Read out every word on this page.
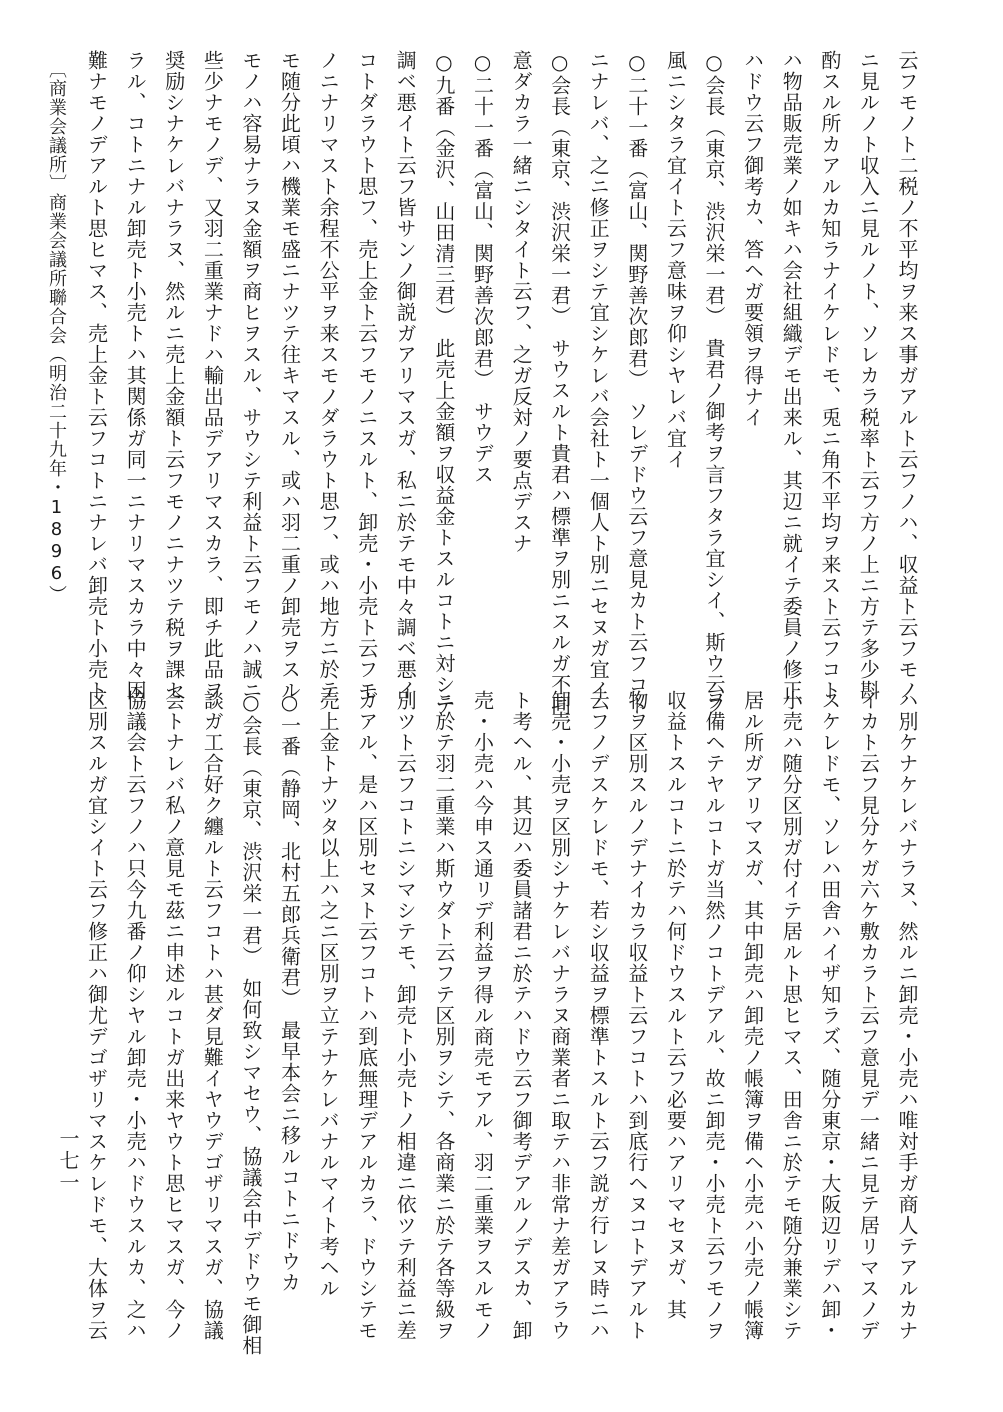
云フモノト二税ノ不平均ヲ来ス事ガアルト云フノハ、収益ト云フモノ
ニ見ルノト収入ニ見ルノト、ソレカラ税率ト云フ方ノ上ニ方テ多少斟
酌スル所カアルカ知ラナイケレドモ、兎ニ角不平均ヲ来スト云フコト
ハ物品販売業ノ如キハ会社組織デモ出来ル、其辺ニ就イテ委員ノ修正
ハドウ云フ御考カ、答ヘガ要領ヲ得ナイ
○会長（東京、渋沢栄一君）　貴君ノ御考ヲ言フタラ宜シイ、斯ウ云フ
風ニシタラ宜イト云フ意味ヲ仰シヤレバ宜イ
○二十一番（富山、関野善次郎君）　ソレデドウ云フ意見カト云フコト
ニナレバ、之ニ修正ヲシテ宜シケレバ会社ト一個人ト別ニセヌガ宜イ
○会長（東京、渋沢栄一君）　サウスルト貴君ハ標準ヲ別ニスルガ不同
意ダカラ一緒ニシタイト云フ、之ガ反対ノ要点デスナ
○二十一番（富山、関野善次郎君）　サウデス
○九番（金沢、山田清三君）　此売上金額ヲ収益金トスルコトニ対シテ
調ベ悪イト云フ皆サンノ御説ガアリマスガ、私ニ於テモ中々調ベ悪イ
コトダラウト思フ、売上金ト云フモノニスルト、卸売・小売ト云フモ
ノニナリマスト余程不公平ヲ来スモノダラウト思フ、或ハ地方ニ於テ
モ随分此頃ハ機業モ盛ニナツテ往キマスル、或ハ羽二重ノ卸売ヲスル
モノハ容易ナラヌ金額ヲ商ヒヲスル、サウシテ利益ト云フモノハ誠ニ
些少ナモノデ、又羽二重業ナドハ輸出品デアリマスカラ、即チ此品ヲ
奨励シナケレバナラヌ、然ルニ売上金額ト云フモノニナツテ税ヲ課セ
ラル、コトニナル卸売ト小売トハ其関係ガ同一ニナリマスカラ中々困
難ナモノデアルト思ヒマス、売上金ト云フコトニナレバ卸売ト小売ト
ハ別ケナケレバナラヌ、然ルニ卸売・小売ハ唯対手ガ商人テアルカナ
イカト云フ見分ケガ六ケ敷カラト云フ意見デ一緒ニ見テ居リマスノデ
スケレドモ、ソレハ田舎ハイザ知ラズ、随分東京・大阪辺リデハ卸・
小売ハ随分区別ガ付イテ居ルト思ヒマス、田舎ニ於テモ随分兼業シテ
居ル所ガアリマスガ、其中卸売ハ卸売ノ帳簿ヲ備ヘ小売ハ小売ノ帳簿
ヲ備ヘテヤルコトガ当然ノコトデアル、故ニ卸売・小売ト云フモノヲ
収益トスルコトニ於テハ何ドウスルト云フ必要ハアリマセヌガ、其
物ヲ区別スルノデナイカラ収益ト云フコトハ到底行ヘヌコトデアルト
云フノデスケレドモ、若シ収益ヲ標準トスルト云フ説ガ行レヌ時ニハ
卸売・小売ヲ区別シナケレバナラヌ商業者ニ取テハ非常ナ差ガアラウ
ト考ヘル、其辺ハ委員諸君ニ於テハドウ云フ御考デアルノデスカ、卸
売・小売ハ今申ス通リデ利益ヲ得ル商売モアル、羽二重業ヲスルモノ
ニ於テ羽二重業ハ斯ウダト云フテ区別ヲシテ、各商業ニ於テ各等級ヲ
別ツト云フコトニシマシテモ、卸売ト小売トノ相違ニ依ツテ利益ニ差
ガアル、是ハ区別セヌト云フコトハ到底無理デアルカラ、ドウシテモ
売上金トナツタ以上ハ之ニ区別ヲ立テナケレバナルマイト考ヘル
○一番（静岡、北村五郎兵衛君）　最早本会ニ移ルコトニドウカ
○会長（東京、渋沢栄一君）　如何致シマセウ、協議会中デドウモ御相
談ガ工合好ク纏ルト云フコトハ甚ダ見難イヤウデゴザリマスガ、協議
会トナレバ私ノ意見モ茲ニ申述ルコトガ出来ヤウト思ヒマスガ、今ノ
協議会ト云フノハ只今九番ノ仰シヤル卸売・小売ハドウスルカ、之ハ
区別スルガ宜シイト云フ修正ハ御尤デゴザリマスケレドモ、大体ヲ云
〔商業会議所〕商業会議所聯合会（明治二十九年・1896）
一七一
